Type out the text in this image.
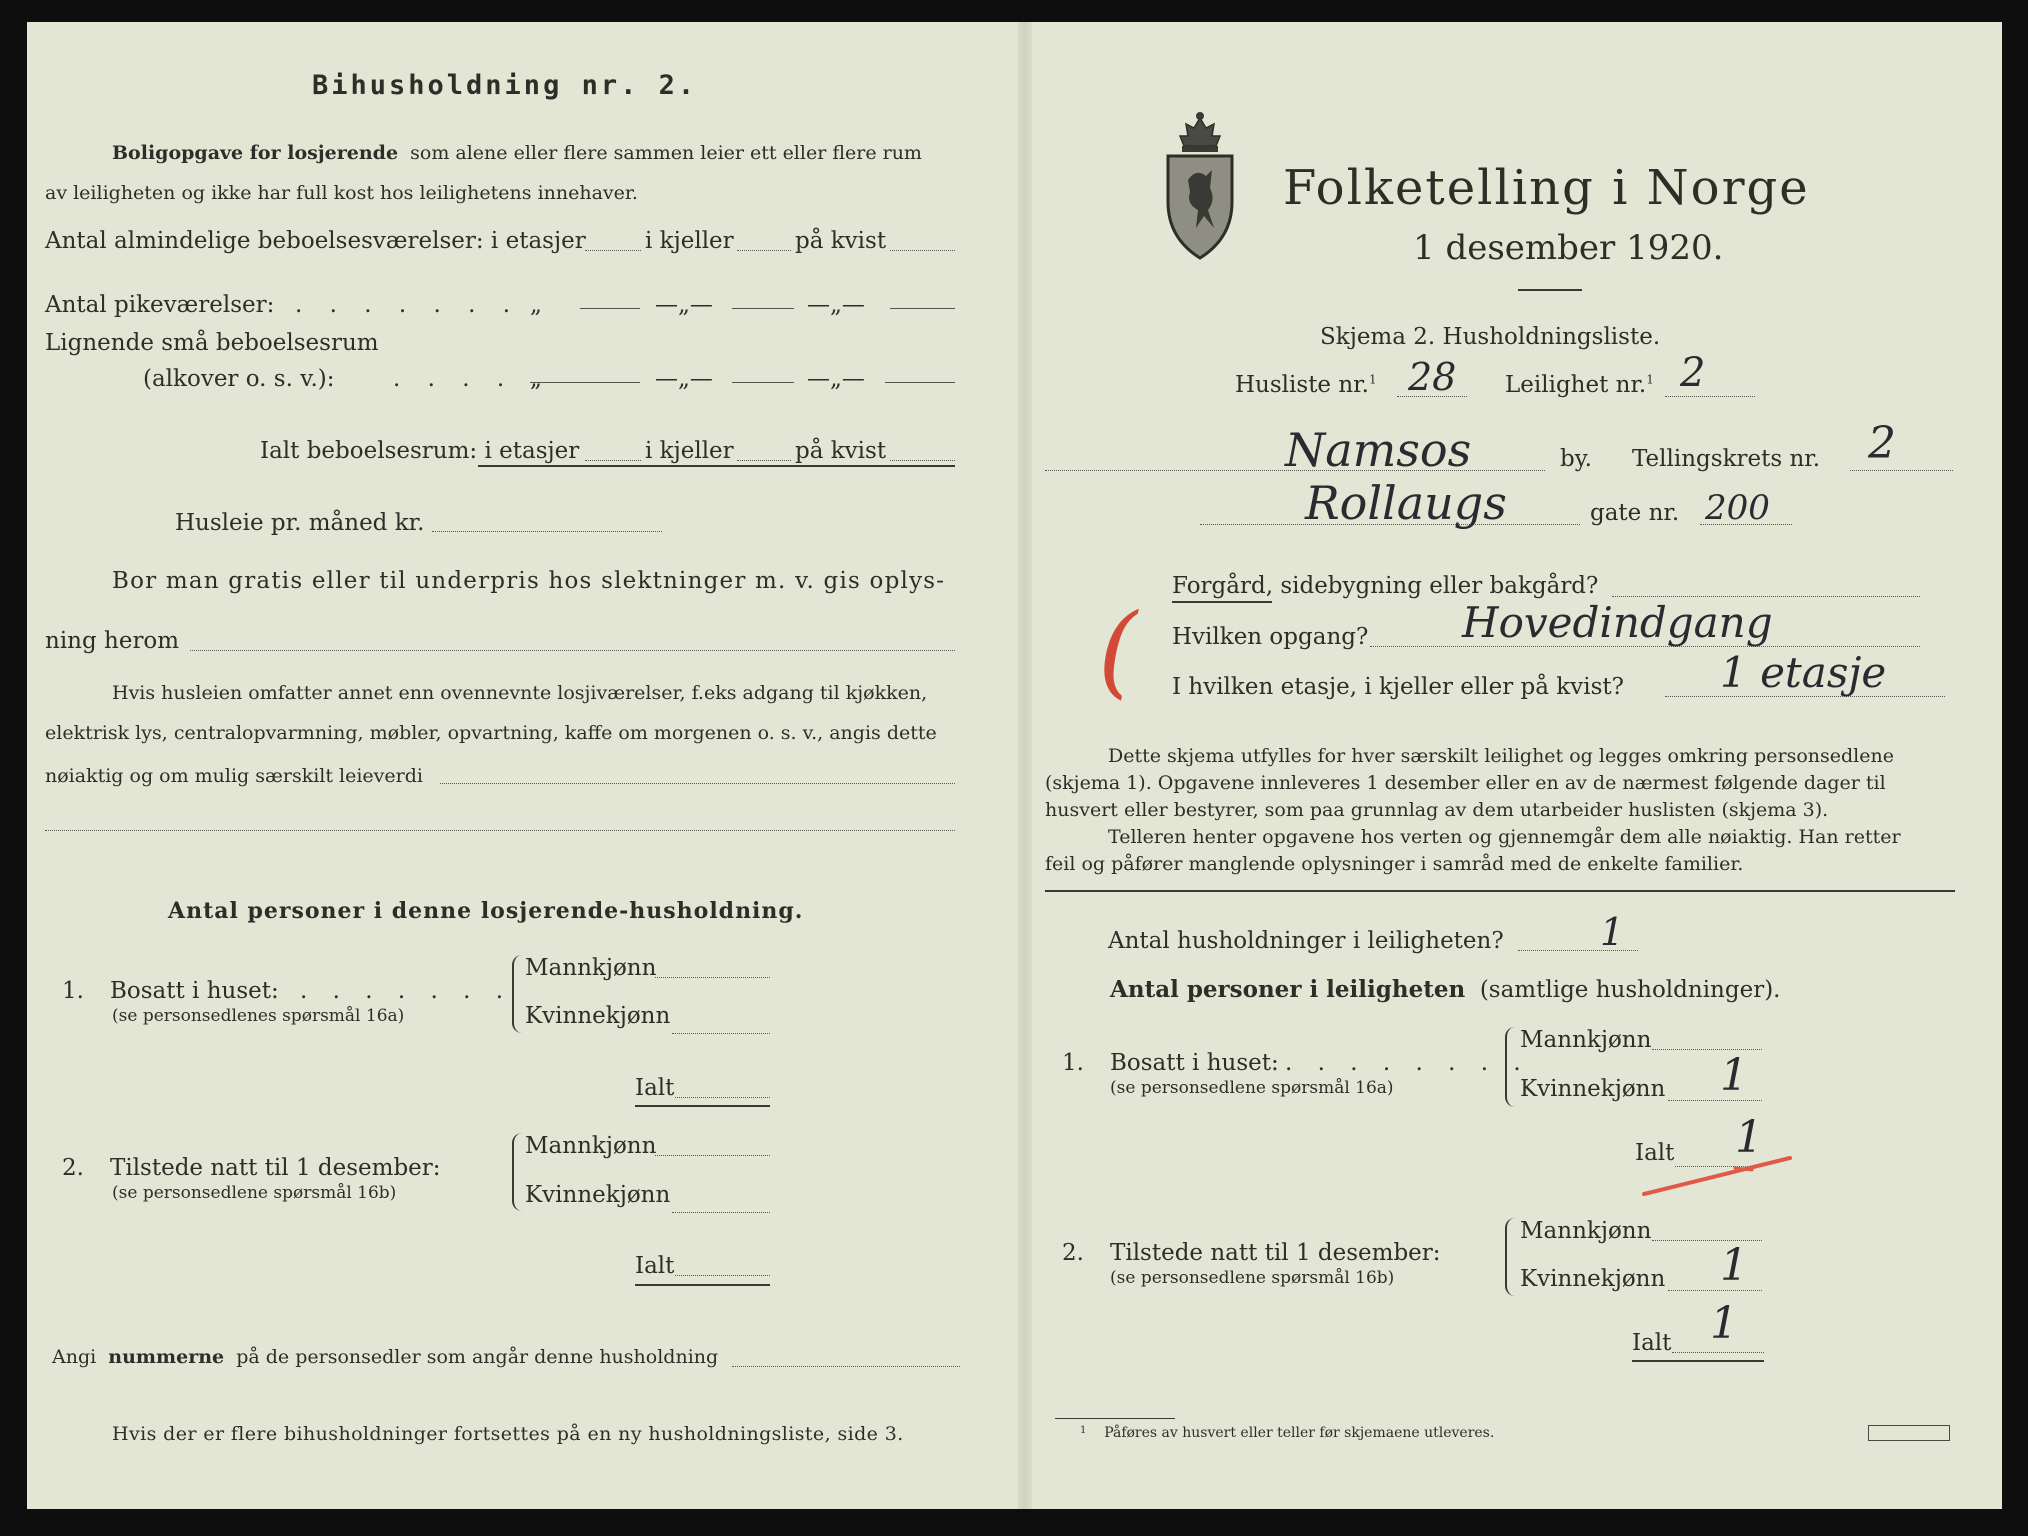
Bihusholdning nr. 2.
Boligopgave for losjerende som alene eller flere sammen leier ett eller flere rum
av leiligheten og ikke har full kost hos leilighetens innehaver.
Antal almindelige beboelsesværelser: i etasjer	i kjeller	på kvist
Antal pikeværelser: . . . . . . . „	—„—	—„—
Lignende små beboelsesrum
(alkover o. s. v.):	. . . . „	—„—	—„—
Ialt beboelsesrum: i etasjer	i kjeller	på kvist
Husleie pr. måned kr.
Bor man gratis eller til underpris hos slektninger m. v. gis oplys-
ning herom
Hvis husleien omfatter annet enn ovennevnte losjiværelser, f.eks adgang til kjøkken,
elektrisk lys, centralopvarmning, møbler, opvartning, kaffe om morgenen o. s. v., angis dette
nøiaktig og om mulig særskilt leieverdi
Antal personer i denne losjerende-husholdning.
1. Bosatt i huset: . . . . . . .
(se personsedlenes spørsmål 16a)
Mannkjønn
Kvinnekjønn
Ialt
2. Tilstede natt til 1 desember:
(se personsedlene spørsmål 16b)
Mannkjønn
Kvinnekjønn
Ialt
Angi nummerne på de personsedler som angår denne husholdning
Hvis der er flere bihusholdninger fortsettes på en ny husholdningsliste, side 3.
Folketelling i Norge
1 desember 1920.
Skjema 2. Husholdningsliste.
Husliste nr.$^1$ 28 Leilighet nr.$^1$ 2
Namsos	by. Tellingskrets nr. 2
Rollaugs	gate nr. 200
Forgård, sidebygning eller bakgård?
Hvilken opgang? Hovedindgang
I hvilken etasje, i kjeller eller på kvist? 1 etasje
(
Dette skjema utfylles for hver særskilt leilighet og legges omkring personsedlene
(skjema 1). Opgavene innleveres 1 desember eller en av de nærmest følgende dager til
husvert eller bestyrer, som paa grunnlag av dem utarbeider huslisten (skjema 3).
Telleren henter opgavene hos verten og gjennemgår dem alle nøiaktig. Han retter
feil og påfører manglende oplysninger i samråd med de enkelte familier.
Antal husholdninger i leiligheten?	1
Antal personer i leiligheten (samtlige husholdninger).
1. Bosatt i huset: . . . . . . . .
(se personsedlene spørsmål 16a)
Mannkjønn
Kvinnekjønn 1
Ialt 1
2. Tilstede natt til 1 desember:
(se personsedlene spørsmål 16b)
Mannkjønn
Kvinnekjønn 1
Ialt 1
$^1$ Påføres av husvert eller teller før skjemaene utleveres.
